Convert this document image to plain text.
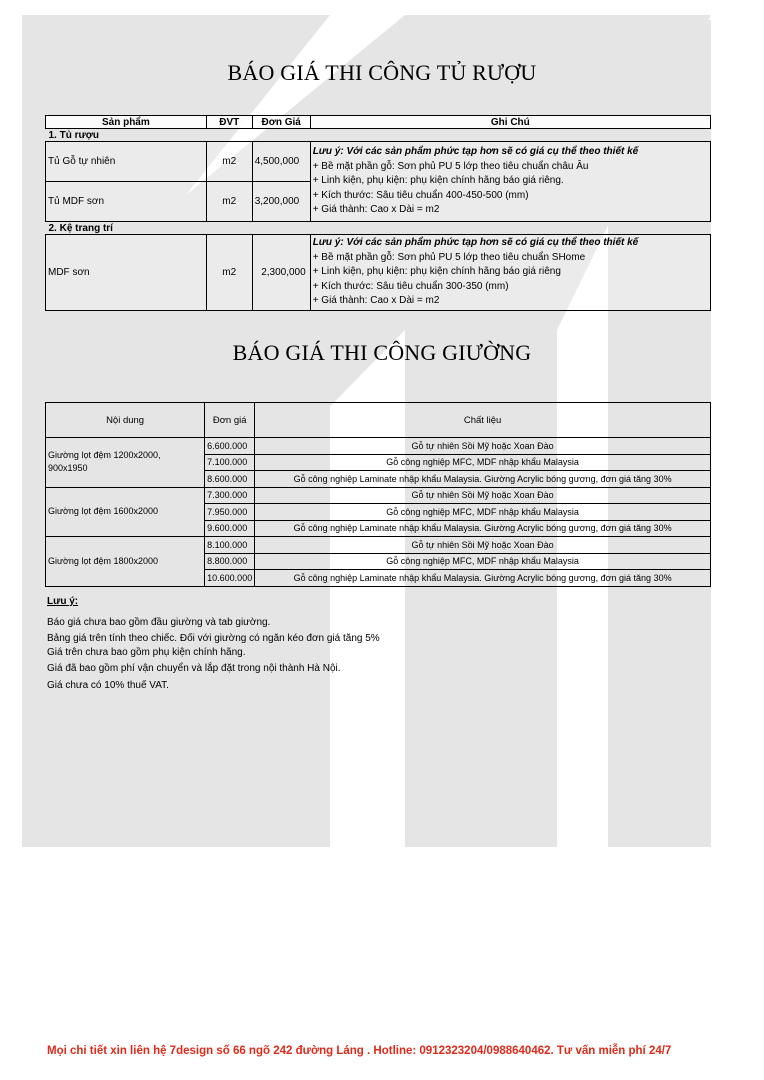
BÁO GIÁ THI CÔNG TỦ RƯỢU
Sản phẩm	ĐVT	Đơn Giá	Ghi Chú
1. Tủ rượu			
Tủ Gỗ tự nhiên	m2	4,500,000	Lưu ý: Với các sản phẩm phức tạp hơn sẽ có giá cụ thể theo thiết kế
+ Bề mặt phần gỗ: Sơn phủ PU 5 lớp theo tiêu chuẩn châu Âu
+ Linh kiện, phụ kiện: phụ kiện chính hãng báo giá riêng.
+ Kích thước: Sâu tiêu chuẩn 400-450-500 (mm)
+ Giá thành: Cao x Dài = m2

Tủ MDF sơn	m2	3,200,000	
2. Kệ trang trí			
MDF sơn	m2	2,300,000	Lưu ý: Với các sản phẩm phức tạp hơn sẽ có giá cụ thể theo thiết kế
+ Bề mặt phần gỗ: Sơn phủ PU 5 lớp theo tiêu chuẩn SHome
+ Linh kiện, phụ kiện: phụ kiện chính hãng báo giá riêng
+ Kích thước: Sâu tiêu chuẩn 300-350 (mm)
+ Giá thành: Cao x Dài = m2
BÁO GIÁ THI CÔNG GIƯỜNG
Nội dung	Đơn giá	Chất liệu
Giường lọt đệm 1200x2000, 900x1950	6.600.000	Gỗ tự nhiên Sồi Mỹ hoặc Xoan Đào
	7.100.000	Gỗ công nghiệp MFC, MDF nhập khẩu Malaysia
	8.600.000	Gỗ công nghiệp Laminate nhập khẩu Malaysia. Giường Acrylic bóng gương, đơn giá tăng 30%
Giường lọt đệm 1600x2000	7.300.000	Gỗ tự nhiên Sồi Mỹ hoặc Xoan Đào
	7.950.000	Gỗ công nghiệp MFC, MDF nhập khẩu Malaysia
	9.600.000	Gỗ công nghiệp Laminate nhập khẩu Malaysia. Giường Acrylic bóng gương, đơn giá tăng 30%
Giường lọt đệm 1800x2000	8.100.000	Gỗ tự nhiên Sồi Mỹ hoặc Xoan Đào
	8.800.000	Gỗ công nghiệp MFC, MDF nhập khẩu Malaysia
	10.600.000	Gỗ công nghiệp Laminate nhập khẩu Malaysia. Giường Acrylic bóng gương, đơn giá tăng 30%
Lưu ý:
Báo giá chưa bao gồm đầu giường và tab giường.
Bảng giá trên tính theo chiếc. Đối với giường có ngăn kéo đơn giá tăng 5%
Giá trên chưa bao gồm phụ kiện chính hãng.
Giá đã bao gồm phí vận chuyển và lắp đặt trong nội thành Hà Nội.
Giá chưa có 10% thuế VAT.
Mọi chi tiết xin liên hệ 7design số 66 ngõ 242 đường Láng . Hotline: 0912323204/0988640462. Tư vấn miễn phí 24/7
